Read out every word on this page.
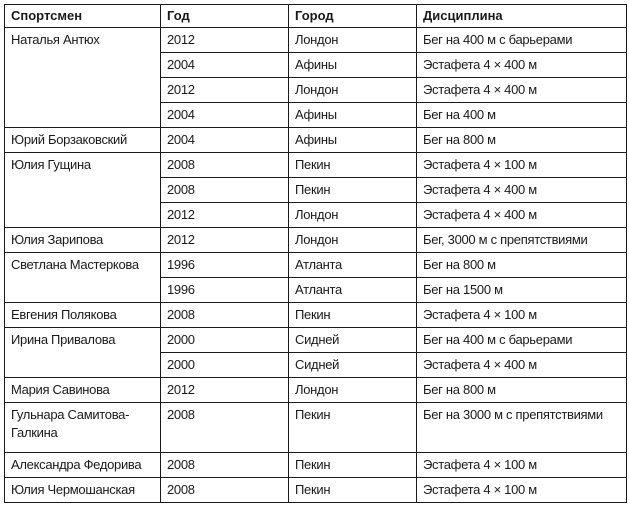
Спортсмен	Год	Город	Дисциплина
Наталья Антюх	2012	Лондон	Бег на 400 м с барьерами
	2004	Афины	Эстафета 4 × 400 м
	2012	Лондон	Эстафета 4 × 400 м
	2004	Афины	Бег на 400 м
Юрий Борзаковский	2004	Афины	Бег на 800 м
Юлия Гущина	2008	Пекин	Эстафета 4 × 100 м
	2008	Пекин	Эстафета 4 × 400 м
	2012	Лондон	Эстафета 4 × 400 м
Юлия Зарипова	2012	Лондон	Бег, 3000 м с препятствиями
Светлана Мастеркова	1996	Атланта	Бег на 800 м
	1996	Атланта	Бег на 1500 м
Евгения Полякова	2008	Пекин	Эстафета 4 × 100 м
Ирина Привалова	2000	Сидней	Бег на 400 м с барьерами
	2000	Сидней	Эстафета 4 × 400 м
Мария Савинова	2012	Лондон	Бег на 800 м
Гульнара Самитова-Галкина	2008	Пекин	Бег на 3000 м с препятствиями
Александра Федорива	2008	Пекин	Эстафета 4 × 100 м
Юлия Чермошанская	2008	Пекин	Эстафета 4 × 100 м
